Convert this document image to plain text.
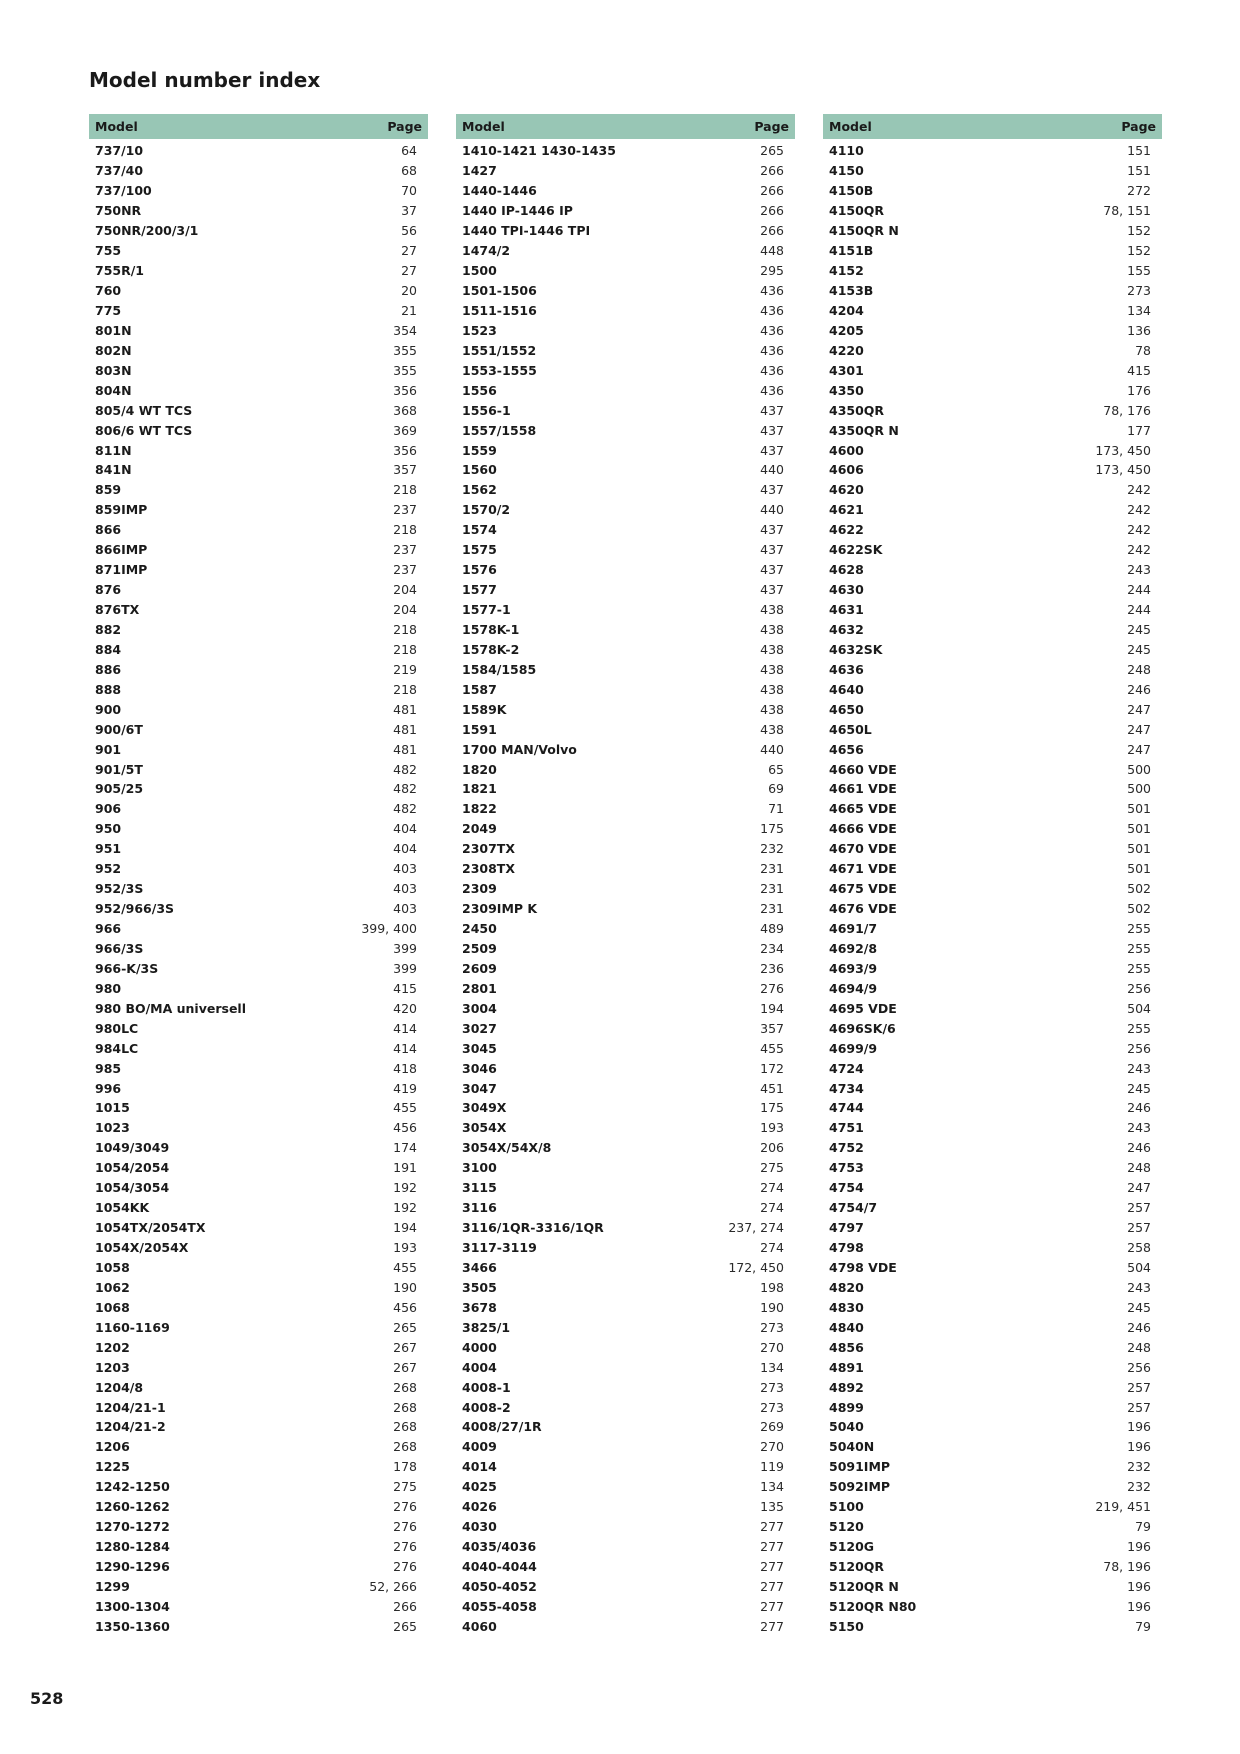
Model number index
Model	Page
737/10	64
737/40	68
737/100	70
750NR	37
750NR/200/3/1	56
755	27
755R/1	27
760	20
775	21
801N	354
802N	355
803N	355
804N	356
805/4 WT TCS	368
806/6 WT TCS	369
811N	356
841N	357
859	218
859IMP	237
866	218
866IMP	237
871IMP	237
876	204
876TX	204
882	218
884	218
886	219
888	218
900	481
900/6T	481
901	481
901/5T	482
905/25	482
906	482
950	404
951	404
952	403
952/3S	403
952/966/3S	403
966	399, 400
966/3S	399
966-K/3S	399
980	415
980 BO/MA universell	420
980LC	414
984LC	414
985	418
996	419
1015	455
1023	456
1049/3049	174
1054/2054	191
1054/3054	192
1054KK	192
1054TX/2054TX	194
1054X/2054X	193
1058	455
1062	190
1068	456
1160-1169	265
1202	267
1203	267
1204/8	268
1204/21-1	268
1204/21-2	268
1206	268
1225	178
1242-1250	275
1260-1262	276
1270-1272	276
1280-1284	276
1290-1296	276
1299	52, 266
1300-1304	266
1350-1360	265
Model	Page
1410-1421 1430-1435	265
1427	266
1440-1446	266
1440 IP-1446 IP	266
1440 TPI-1446 TPI	266
1474/2	448
1500	295
1501-1506	436
1511-1516	436
1523	436
1551/1552	436
1553-1555	436
1556	436
1556-1	437
1557/1558	437
1559	437
1560	440
1562	437
1570/2	440
1574	437
1575	437
1576	437
1577	437
1577-1	438
1578K-1	438
1578K-2	438
1584/1585	438
1587	438
1589K	438
1591	438
1700 MAN/Volvo	440
1820	65
1821	69
1822	71
2049	175
2307TX	232
2308TX	231
2309	231
2309IMP K	231
2450	489
2509	234
2609	236
2801	276
3004	194
3027	357
3045	455
3046	172
3047	451
3049X	175
3054X	193
3054X/54X/8	206
3100	275
3115	274
3116	274
3116/1QR-3316/1QR	237, 274
3117-3119	274
3466	172, 450
3505	198
3678	190
3825/1	273
4000	270
4004	134
4008-1	273
4008-2	273
4008/27/1R	269
4009	270
4014	119
4025	134
4026	135
4030	277
4035/4036	277
4040-4044	277
4050-4052	277
4055-4058	277
4060	277
Model	Page
4110	151
4150	151
4150B	272
4150QR	78, 151
4150QR N	152
4151B	152
4152	155
4153B	273
4204	134
4205	136
4220	78
4301	415
4350	176
4350QR	78, 176
4350QR N	177
4600	173, 450
4606	173, 450
4620	242
4621	242
4622	242
4622SK	242
4628	243
4630	244
4631	244
4632	245
4632SK	245
4636	248
4640	246
4650	247
4650L	247
4656	247
4660 VDE	500
4661 VDE	500
4665 VDE	501
4666 VDE	501
4670 VDE	501
4671 VDE	501
4675 VDE	502
4676 VDE	502
4691/7	255
4692/8	255
4693/9	255
4694/9	256
4695 VDE	504
4696SK/6	255
4699/9	256
4724	243
4734	245
4744	246
4751	243
4752	246
4753	248
4754	247
4754/7	257
4797	257
4798	258
4798 VDE	504
4820	243
4830	245
4840	246
4856	248
4891	256
4892	257
4899	257
5040	196
5040N	196
5091IMP	232
5092IMP	232
5100	219, 451
5120	79
5120G	196
5120QR	78, 196
5120QR N	196
5120QR N80	196
5150	79
528
